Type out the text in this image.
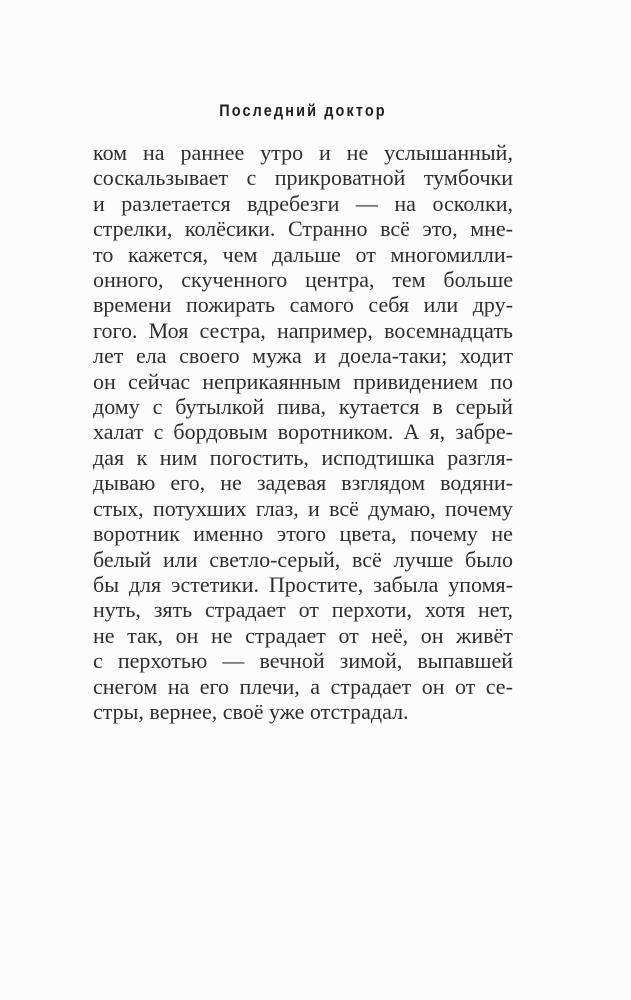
Последний доктор
ком на раннее утро и не услышанный,
соскальзывает с прикроватной тумбочки
и разлетается вдребезги — на осколки,
стрелки, колёсики. Странно всё это, мне-
то кажется, чем дальше от многомилли-
онного, скученного центра, тем больше
времени пожирать самого себя или дру-
гого. Моя сестра, например, восемнадцать
лет ела своего мужа и доела-таки; ходит
он сейчас неприкаянным привидением по
дому с бутылкой пива, кутается в серый
халат с бордовым воротником. А я, забре-
дая к ним погостить, исподтишка разгля-
дываю его, не задевая взглядом водяни-
стых, потухших глаз, и всё думаю, почему
воротник именно этого цвета, почему не
белый или светло-серый, всё лучше было
бы для эстетики. Простите, забыла упомя-
нуть, зять страдает от перхоти, хотя нет,
не так, он не страдает от неё, он живёт
с перхотью — вечной зимой, выпавшей
снегом на его плечи, а страдает он от се-
стры, вернее, своё уже отстрадал.
